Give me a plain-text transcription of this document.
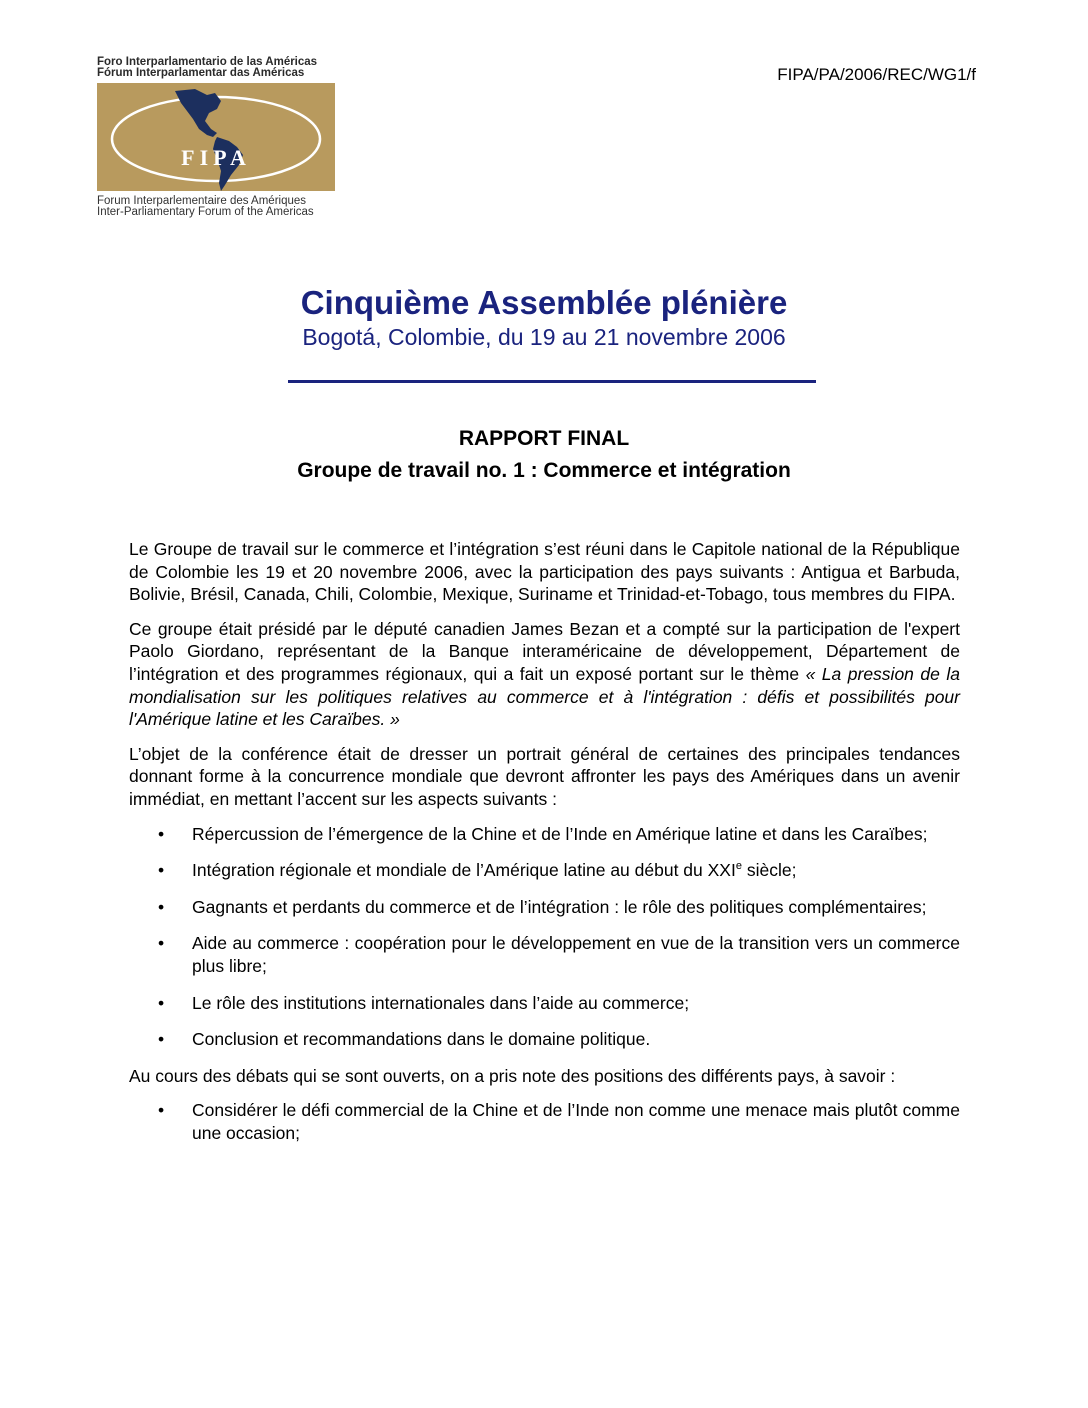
Foro Interparlamentario de las Américas
Fórum Interparlamentar das Américas
FIPA
Forum Interparlementaire des Amériques
Inter-Parliamentary Forum of the Americas
FIPA/PA/2006/REC/WG1/f
Cinquième Assemblée plénière
Bogotá, Colombie, du 19 au 21 novembre 2006
RAPPORT FINAL
Groupe de travail no. 1 : Commerce et intégration

Le Groupe de travail sur le commerce et l’intégration s’est réuni dans le Capitole national de la République de Colombie les 19 et 20 novembre 2006, avec la participation des pays suivants : Antigua et Barbuda, Bolivie, Brésil, Canada, Chili, Colombie, Mexique, Suriname et Trinidad-et-Tobago, tous membres du FIPA.

Ce groupe était présidé par le député canadien James Bezan et a compté sur la participation de l'expert Paolo Giordano, représentant de la Banque interaméricaine de développement, Département de l’intégration et des programmes régionaux, qui a fait un exposé portant sur le thème « La pression de la mondialisation sur les politiques relatives au commerce et à l'intégration : défis et possibilités pour l'Amérique latine et les Caraïbes. »

L’objet de la conférence était de dresser un portrait général de certaines des principales tendances donnant forme à la concurrence mondiale que devront affronter les pays des Amériques dans un avenir immédiat, en mettant l’accent sur les aspects suivants :

• Répercussion de l’émergence de la Chine et de l’Inde en Amérique latine et dans les Caraïbes;
• Intégration régionale et mondiale de l’Amérique latine au début du XXIe siècle;
• Gagnants et perdants du commerce et de l’intégration : le rôle des politiques complémentaires;
• Aide au commerce : coopération pour le développement en vue de la transition vers un commerce plus libre;
• Le rôle des institutions internationales dans l’aide au commerce;
• Conclusion et recommandations dans le domaine politique.

Au cours des débats qui se sont ouverts, on a pris note des positions des différents pays, à savoir :

• Considérer le défi commercial de la Chine et de l’Inde non comme une menace mais plutôt comme une occasion;
